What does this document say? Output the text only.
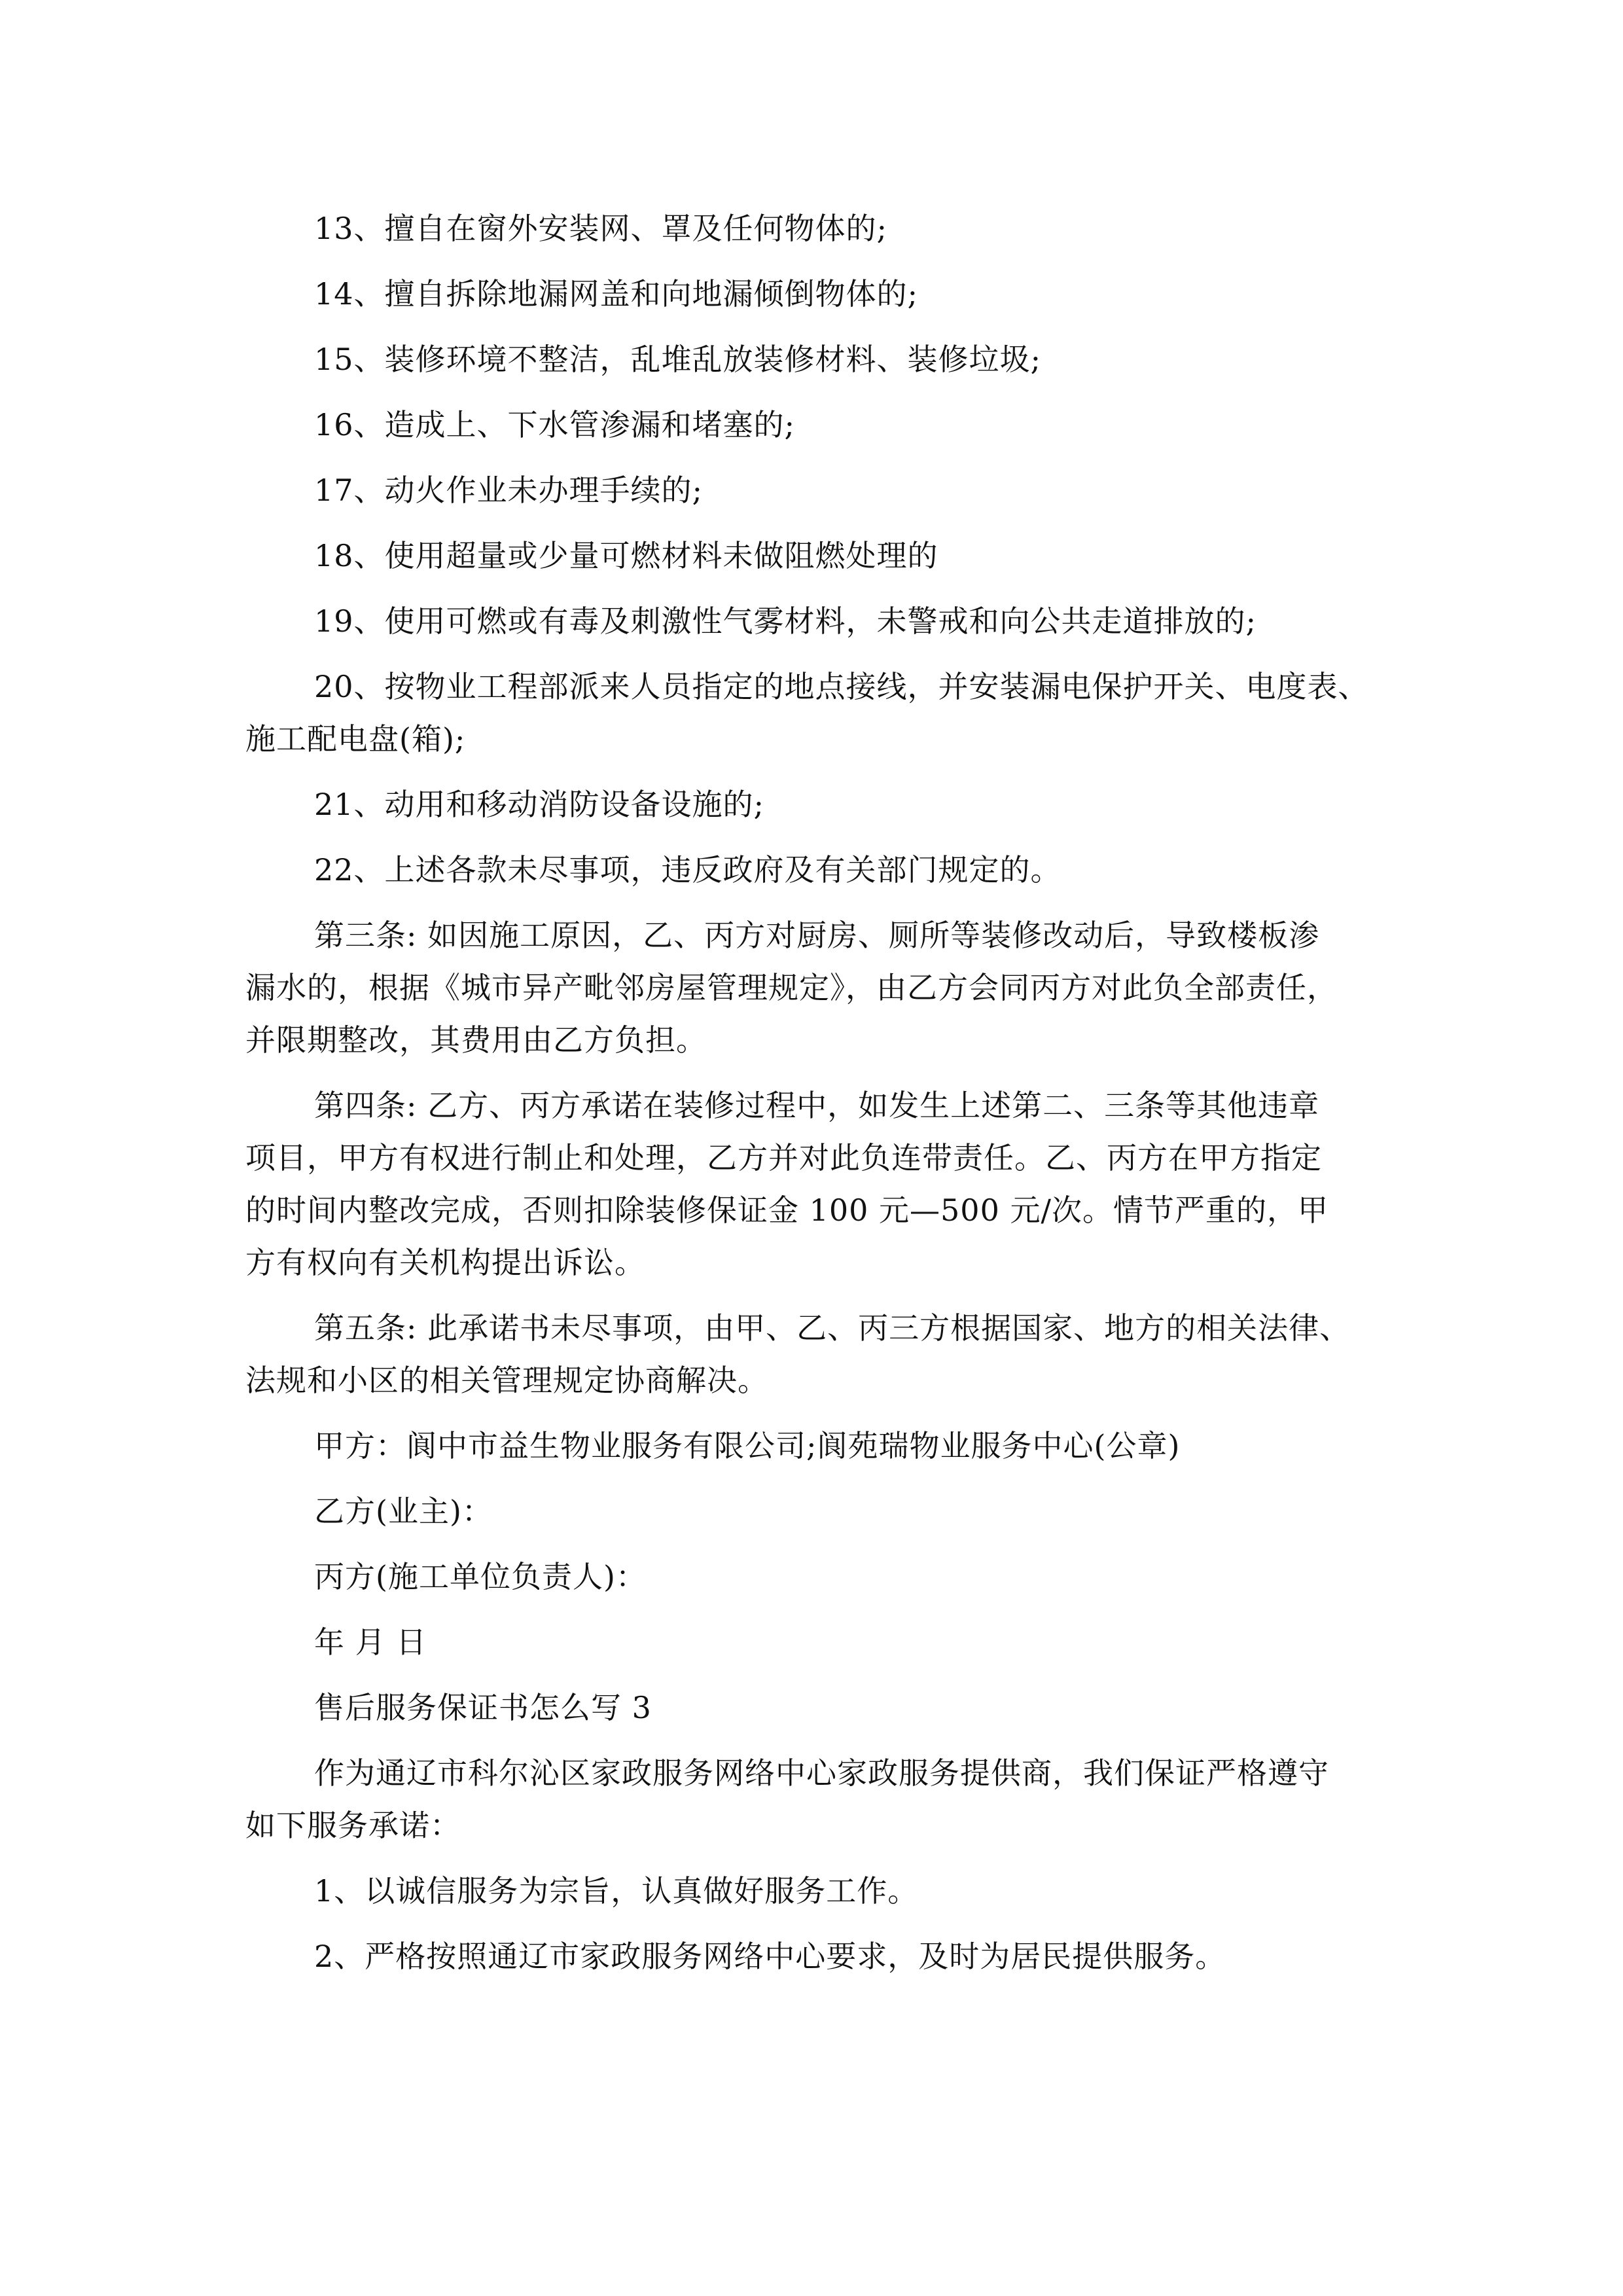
13、擅自在窗外安装网、罩及任何物体的;
14、擅自拆除地漏网盖和向地漏倾倒物体的;
15、装修环境不整洁，乱堆乱放装修材料、装修垃圾;
16、造成上、下水管渗漏和堵塞的;
17、动火作业未办理手续的;
18、使用超量或少量可燃材料未做阻燃处理的
19、使用可燃或有毒及刺激性气雾材料，未警戒和向公共走道排放的;
20、按物业工程部派来人员指定的地点接线，并安装漏电保护开关、电度表、
施工配电盘(箱);
21、动用和移动消防设备设施的;
22、上述各款未尽事项，违反政府及有关部门规定的。
第三条: 如因施工原因，乙、丙方对厨房、厕所等装修改动后，导致楼板渗
漏水的，根据《城市异产毗邻房屋管理规定》，由乙方会同丙方对此负全部责任，
并限期整改，其费用由乙方负担。
第四条: 乙方、丙方承诺在装修过程中，如发生上述第二、三条等其他违章
项目，甲方有权进行制止和处理，乙方并对此负连带责任。乙、丙方在甲方指定
的时间内整改完成，否则扣除装修保证金 100 元—500 元/次。情节严重的，甲
方有权向有关机构提出诉讼。
第五条: 此承诺书未尽事项，由甲、乙、丙三方根据国家、地方的相关法律、
法规和小区的相关管理规定协商解决。
甲方：阆中市益生物业服务有限公司;阆苑瑞物业服务中心(公章)
乙方(业主)：
丙方(施工单位负责人)：
年 月 日
售后服务保证书怎么写 3
作为通辽市科尔沁区家政服务网络中心家政服务提供商，我们保证严格遵守
如下服务承诺：
1、以诚信服务为宗旨，认真做好服务工作。
2、严格按照通辽市家政服务网络中心要求，及时为居民提供服务。
